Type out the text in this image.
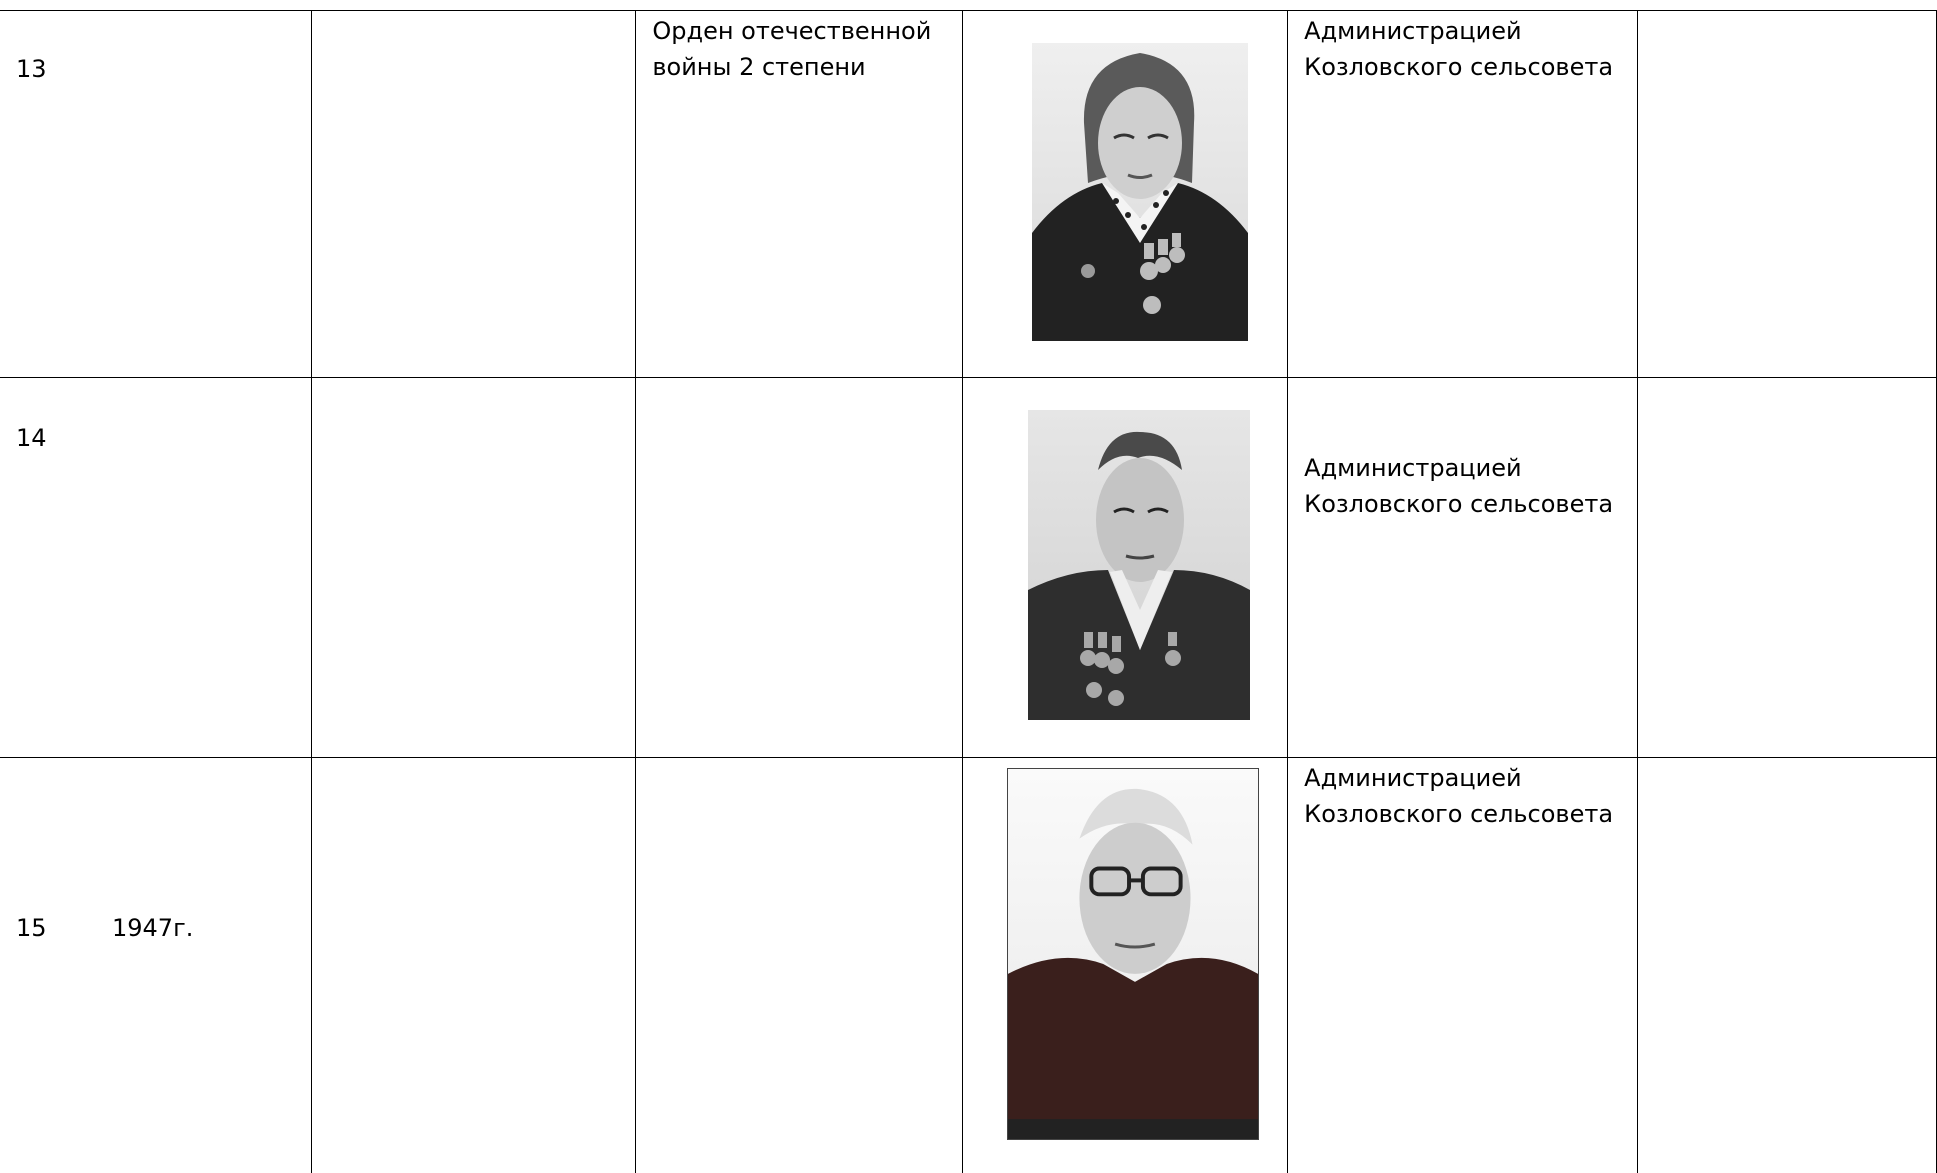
13		Орден отечественной войны 2 степени		Администрацией Козловского сельсовета	

14				Администрацией Козловского сельсовета	

15 1947г.				Администрацией Козловского сельсовета	
